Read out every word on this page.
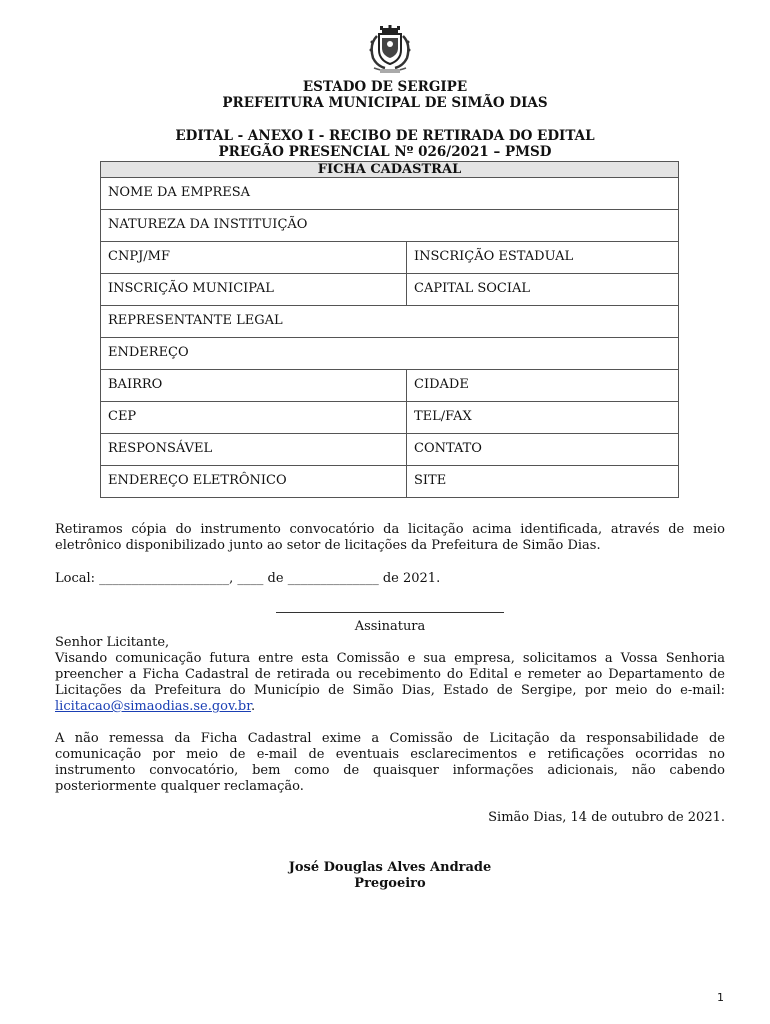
ESTADO DE SERGIPE
PREFEITURA MUNICIPAL DE SIMÃO DIAS
EDITAL - ANEXO I - RECIBO DE RETIRADA DO EDITAL
PREGÃO PRESENCIAL Nº 026/2021 – PMSD
FICHA CADASTRAL	
NOME DA EMPRESA	
NATUREZA DA INSTITUIÇÃO	
CNPJ/MF	INSCRIÇÃO ESTADUAL
INSCRIÇÃO MUNICIPAL	CAPITAL SOCIAL
REPRESENTANTE LEGAL	
ENDEREÇO	
BAIRRO	CIDADE
CEP	TEL/FAX
RESPONSÁVEL	CONTATO
ENDEREÇO ELETRÔNICO	SITE
Retiramos cópia do instrumento convocatório da licitação acima identificada, através de meio eletrônico disponibilizado junto ao setor de licitações da Prefeitura de Simão Dias.
Local: ____________________, ____ de ______________ de 2021.
Assinatura
Senhor Licitante,
Visando comunicação futura entre esta Comissão e sua empresa, solicitamos a Vossa Senhoria preencher a Ficha Cadastral de retirada ou recebimento do Edital e remeter ao Departamento de Licitações da Prefeitura do Município de Simão Dias, Estado de Sergipe, por meio do e-mail: licitacao@simaodias.se.gov.br.
A não remessa da Ficha Cadastral exime a Comissão de Licitação da responsabilidade de comunicação por meio de e-mail de eventuais esclarecimentos e retificações ocorridas no instrumento convocatório, bem como de quaisquer informações adicionais, não cabendo posteriormente qualquer reclamação.
Simão Dias, 14 de outubro de 2021.
José Douglas Alves Andrade
Pregoeiro
1
